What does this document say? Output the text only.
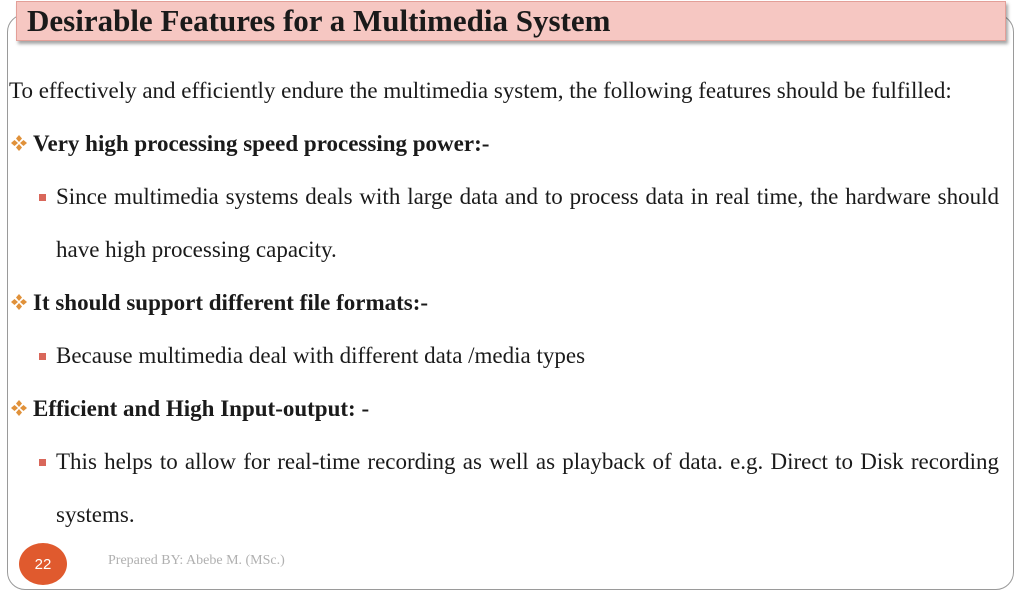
Desirable Features for a Multimedia System

To effectively and efficiently endure the multimedia system, the following features should be fulfilled:

Very high processing speed processing power:-

Since multimedia systems deals with large data and to process data in real time, the hardware should have high processing capacity.

It should support different file formats:-

Because multimedia deal with different data /media types

Efficient and High Input-output: -

This helps to allow for real-time recording as well as playback of data. e.g. Direct to Disk recording systems.

Prepared BY: Abebe M. (MSc.)
22
